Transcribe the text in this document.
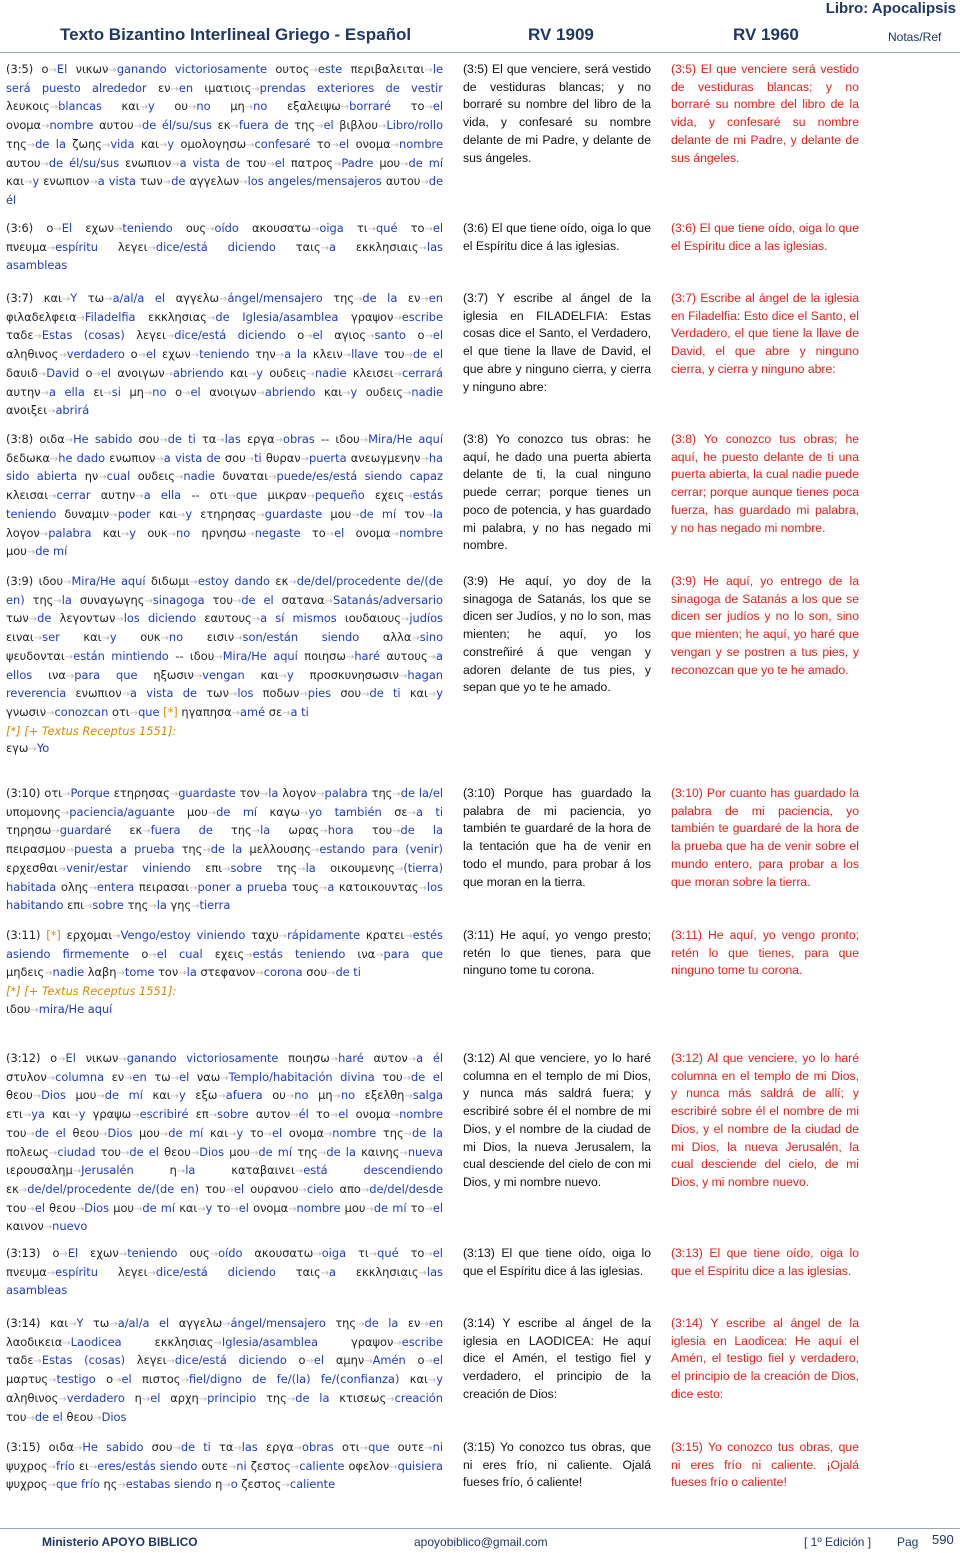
Libro: Apocalipsis
Texto Bizantino Interlineal Griego - Español	RV 1909	RV 1960	Notas/Ref
(3:5) ο→El νικων→ganando victoriosamente ουτος→este περιβαλειται→le será puesto alrededor εν→en ιματιοις→prendas exteriores de vestir λευκοις→blancas και→y ου→no μη→no εξαλειψω→borraré το→el ονομα→nombre αυτου→de él/su/sus εκ→fuera de της→el βιβλου→Libro/rollo της→de la ζωης→vida και→y ομολογησω→confesaré το→el ονομα→nombre αυτου→de él/su/sus ενωπιον→a vista de του→el πατρος→Padre μου→de mí και→y ενωπιον→a vista των→de αγγελων→los angeles/mensajeros αυτου→de él
(3:5) El que venciere, será vestido de vestiduras blancas; y no borraré su nombre del libro de la vida, y confesaré su nombre delante de mi Padre, y delante de sus ángeles.
(3:5) El que venciere será vestido de vestiduras blancas; y no borraré su nombre del libro de la vida, y confesaré su nombre delante de mi Padre, y delante de sus ángeles.
(3:6) ο→El εχων→teniendo ους→oído ακουσατω→oiga τι→qué το→el πνευμα→espíritu λεγει→dice/está diciendo ταις→a εκκλησιαις→las asambleas
(3:6) El que tiene oído, oiga lo que el Espíritu dice á las iglesias.
(3:6) El que tiene oído, oiga lo que el Espíritu dice a las iglesias.
(3:7) και→Y τω→a/al/a el αγγελω→ángel/mensajero της→de la εν→en φιλαδελφεια→Filadelfia εκκλησιας→de Iglesia/asamblea γραψον→escribe ταδε→Estas (cosas) λεγει→dice/está diciendo ο→el αγιος→santo ο→el αληθινος→verdadero ο→el εχων→teniendo την→a la κλειν→llave του→de el δαυιδ→David ο→el ανοιγων→abriendo και→y ουδεις→nadie κλεισει→cerrará αυτην→a ella ει→si μη→no ο→el ανοιγων→abriendo και→y ουδεις→nadie ανοιξει→abrirá
(3:7) Y escribe al ángel de la iglesia en FILADELFIA: Estas cosas dice el Santo, el Verdadero, el que tiene la llave de David, el que abre y ninguno cierra, y cierra y ninguno abre:
(3:7) Escribe al ángel de la iglesia en Filadelfia: Esto dice el Santo, el Verdadero, el que tiene la llave de David, el que abre y ninguno cierra, y cierra y ninguno abre:
(3:8) οιδα→He sabido σου→de ti τα→las εργα→obras -- ιδου→Mira/He aquí δεδωκα→he dado ενωπιον→a vista de σου→ti θυραν→puerta ανεωγμενην→ha sido abierta ην→cual ουδεις→nadie δυναται→puede/es/está siendo capaz κλεισαι→cerrar αυτην→a ella -- οτι→que μικραν→pequeño εχεις→estás teniendo δυναμιν→poder και→y ετηρησας→guardaste μου→de mí τον→la λογον→palabra και→y ουκ→no ηρνησω→negaste το→el ονομα→nombre μου→de mí
(3:8) Yo conozco tus obras: he aquí, he dado una puerta abierta delante de ti, la cual ninguno puede cerrar; porque tienes un poco de potencia, y has guardado mi palabra, y no has negado mi nombre.
(3:8) Yo conozco tus obras; he aquí, he puesto delante de ti una puerta abierta, la cual nadie puede cerrar; porque aunque tienes poca fuerza, has guardado mi palabra, y no has negado mi nombre.
(3:9) ιδου→Mira/He aquí διδωμι→estoy dando εκ→de/del/procedente de/(de en) της→la συναγωγης→sinagoga του→de el σατανα→Satanás/adversario των→de λεγοντων→los diciendo εαυτους→a sí mismos ιουδαιους→judíos ειναι→ser και→y ουκ→no εισιν→son/están siendo αλλα→sino ψευδονται→están mintiendo -- ιδου→Mira/He aquí ποιησω→haré αυτους→a ellos ινα→para que ηξωσιν→vengan και→y προσκυνησωσιν→hagan reverencia ενωπιον→a vista de των→los ποδων→pies σου→de ti και→y γνωσιν→conozcan οτι→que [*] ηγαπησα→amé σε→a ti
[*] [+ Textus Receptus 1551]:
εγω→Yo
(3:9) He aquí, yo doy de la sinagoga de Satanás, los que se dicen ser Judíos, y no lo son, mas mienten; he aquí, yo los constreñiré á que vengan y adoren delante de tus pies, y sepan que yo te he amado.
(3:9) He aquí, yo entrego de la sinagoga de Satanás a los que se dicen ser judíos y no lo son, sino que mienten; he aquí, yo haré que vengan y se postren a tus pies, y reconozcan que yo te he amado.
(3:10) οτι→Porque ετηρησας→guardaste τον→la λογον→palabra της→de la/el υπομονης→paciencia/aguante μου→de mí καγω→yo también σε→a ti τηρησω→guardaré εκ→fuera de της→la ωρας→hora του→de la πειρασμου→puesta a prueba της→de la μελλουσης→estando para (venir) ερχεσθαι→venir/estar viniendo επι→sobre της→la οικουμενης→(tierra) habitada ολης→entera πειρασαι→poner a prueba τους→a κατοικουντας→los habitando επι→sobre της→la γης→tierra
(3:10) Porque has guardado la palabra de mi paciencia, yo también te guardaré de la hora de la tentación que ha de venir en todo el mundo, para probar á los que moran en la tierra.
(3:10) Por cuanto has guardado la palabra de mi paciencia, yo también te guardaré de la hora de la prueba que ha de venir sobre el mundo entero, para probar a los que moran sobre la tierra.
(3:11) [*] ερχομαι→Vengo/estoy viniendo ταχυ→rápidamente κρατει→estés asiendo firmemente ο→el cual εχεις→estás teniendo ινα→para que μηδεις→nadie λαβη→tome τον→la στεφανον→corona σου→de ti
[*] [+ Textus Receptus 1551]:
ιδου→mira/He aquí
(3:11) He aquí, yo vengo presto; retén lo que tienes, para que ninguno tome tu corona.
(3:11) He aquí, yo vengo pronto; retén lo que tienes, para que ninguno tome tu corona.
(3:12) ο→El νικων→ganando victoriosamente ποιησω→haré αυτον→a él στυλον→columna εν→en τω→el ναω→Templo/habitación divina του→de el θεου→Dios μου→de mí και→y εξω→afuera ου→no μη→no εξελθη→salga ετι→ya και→y γραψω→escribiré επ→sobre αυτον→él το→el ονομα→nombre του→de el θεου→Dios μου→de mí και→y το→el ονομα→nombre της→de la πολεως→ciudad του→de el θεου→Dios μου→de mí της→de la καινης→nueva ιερουσαλημ→Jerusalén	η→la	καταβαινει→está descendiendo εκ→de/del/procedente de/(de en) του→el ουρανου→cielo απο→de/del/desde του→el θεου→Dios μου→de mí και→y το→el ονομα→nombre μου→de mí το→el καινον→nuevo
(3:12) Al que venciere, yo lo haré columna en el templo de mi Dios, y nunca más saldrá fuera; y escribiré sobre él el nombre de mi Dios, y el nombre de la ciudad de mi Dios, la nueva Jerusalem, la cual desciende del cielo de con mi Dios, y mi nombre nuevo.
(3:12) Al que venciere, yo lo haré columna en el templo de mi Dios, y nunca más saldrá de allí; y escribiré sobre él el nombre de mi Dios, y el nombre de la ciudad de mi Dios, la nueva Jerusalén, la cual desciende del cielo, de mi Dios, y mi nombre nuevo.
(3:13) ο→El εχων→teniendo ους→oído ακουσατω→oiga τι→qué το→el πνευμα→espíritu λεγει→dice/está diciendo ταις→a εκκλησιαις→las asambleas
(3:13) El que tiene oído, oiga lo que el Espíritu dice á las iglesias.
(3:13) El que tiene oído, oiga lo que el Espíritu dice a las iglesias.
(3:14) και→Y τω→a/al/a el αγγελω→ángel/mensajero της→de la εν→en λαοδικεια→Laodicea	εκκλησιας→Iglesia/asamblea	γραψον→escribe ταδε→Estas (cosas) λεγει→dice/está diciendo ο→el αμην→Amén ο→el μαρτυς→testigo ο→el πιστος→fiel/digno de fe/(la) fe/(confianza) και→y αληθινος→verdadero η→el αρχη→principio της→de la κτισεως→creación του→de el θεου→Dios
(3:14) Y escribe al ángel de la iglesia en LAODICEA: He aquí dice el Amén, el testigo fiel y verdadero, el principio de la creación de Dios:
(3:14) Y escribe al ángel de la iglesia en Laodicea: He aquí el Amén, el testigo fiel y verdadero, el principio de la creación de Dios, dice esto:
(3:15) οιδα→He sabido σου→de ti τα→las εργα→obras οτι→que ουτε→ni ψυχρος→frío ει→eres/estás siendo ουτε→ni ζεστος→caliente οφελον→quisiera ψυχρος→que frío ης→estabas siendo η→o ζεστος→caliente
(3:15) Yo conozco tus obras, que ni eres frío, ni caliente. Ojalá fueses frío, ó caliente!
(3:15) Yo conozco tus obras, que ni eres frío ni caliente. ¡Ojalá fueses frío o caliente!
Ministerio APOYO BIBLICO	apoyobiblico@gmail.com	[ 1º Edición ] Pag 590
